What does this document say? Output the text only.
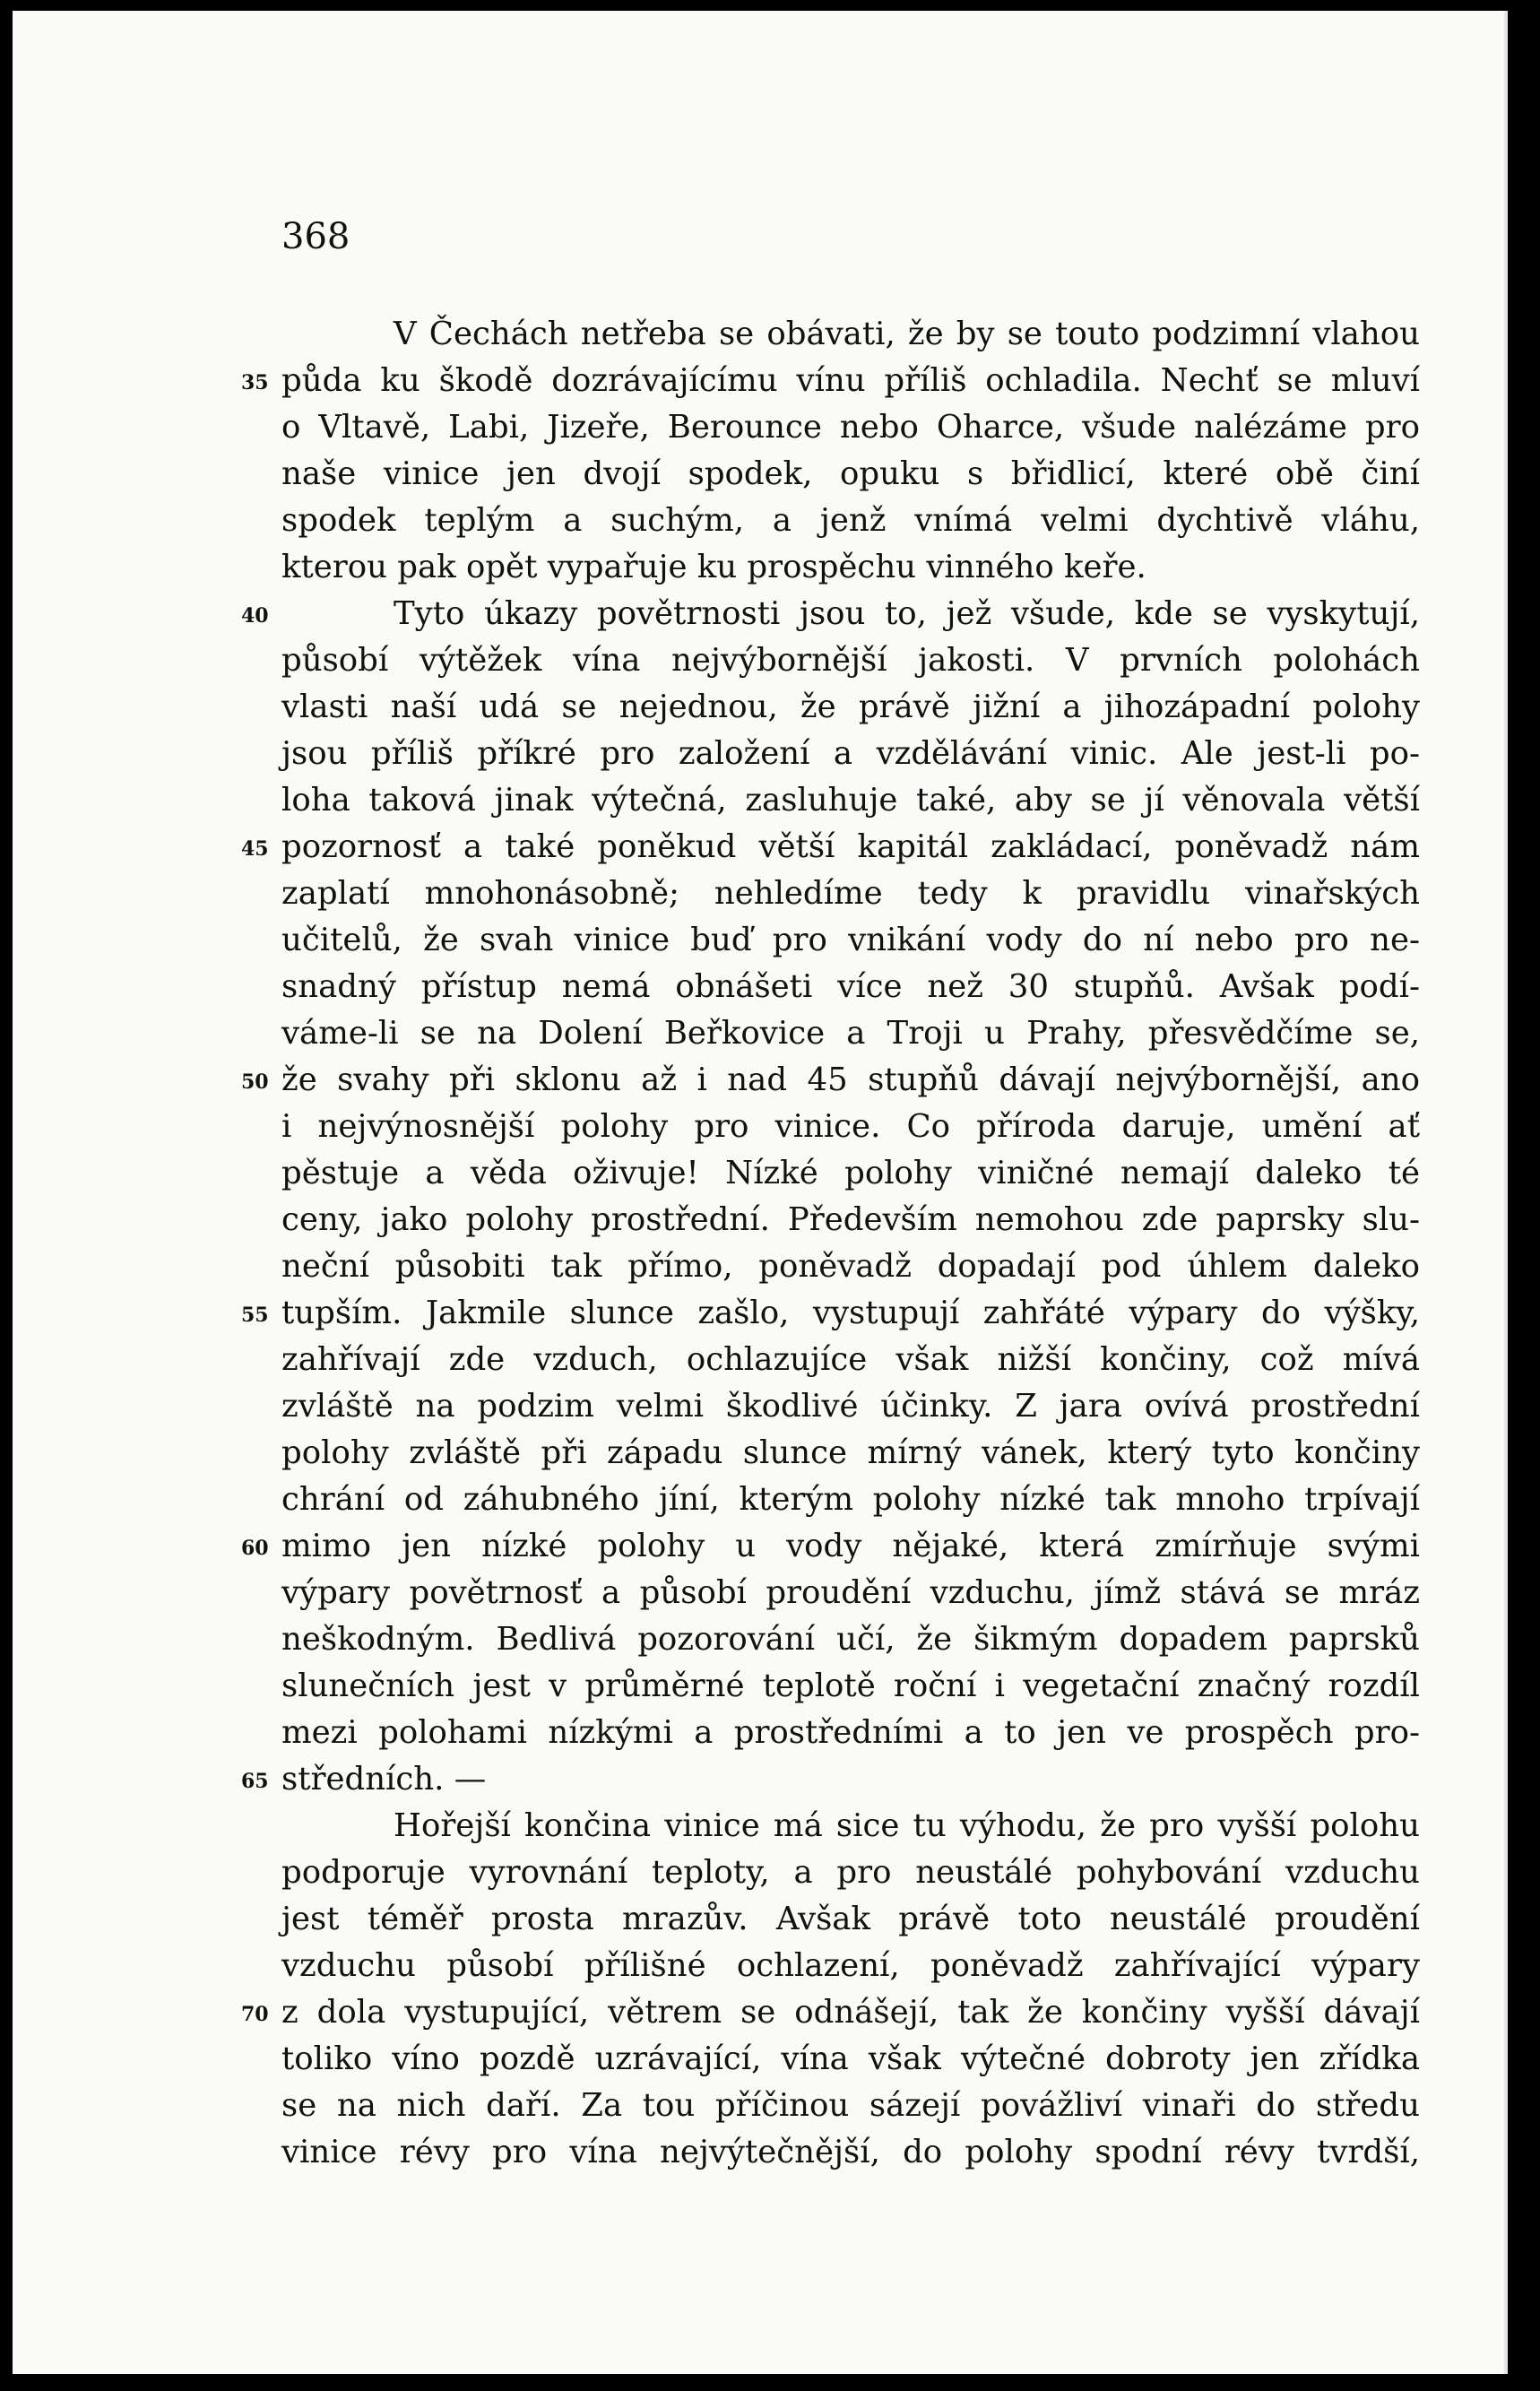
368
V Čechách netřeba se obávati, že by se touto podzimní vlahou
35 půda ku škodě dozrávajícímu vínu příliš ochladila. Nechť se mluví
o Vltavě, Labi, Jizeře, Berounce nebo Oharce, všude nalézáme pro
naše vinice jen dvojí spodek, opuku s břidlicí, které obě činí
spodek teplým a suchým, a jenž vnímá velmi dychtivě vláhu,
kterou pak opět vypařuje ku prospěchu vinného keře.
40	Tyto úkazy povětrnosti jsou to, jež všude, kde se vyskytují,
působí výtěžek vína nejvýbornější jakosti. V prvních polohách
vlasti naší udá se nejednou, že právě jižní a jihozápadní polohy
jsou příliš příkré pro založení a vzdělávání vinic. Ale jest-li po-
loha taková jinak výtečná, zasluhuje také, aby se jí věnovala větší
45 pozornosť a také poněkud větší kapitál zakládací, poněvadž nám
zaplatí mnohonásobně; nehledíme tedy k pravidlu vinařských
učitelů, že svah vinice buď pro vnikání vody do ní nebo pro ne-
snadný přístup nemá obnášeti více než 30 stupňů. Avšak podí-
váme-li se na Dolení Beřkovice a Troji u Prahy, přesvědčíme se,
50 že svahy při sklonu až i nad 45 stupňů dávají nejvýbornější, ano
i nejvýnosnější polohy pro vinice. Co příroda daruje, umění ať
pěstuje a věda oživuje! Nízké polohy viničné nemají daleko té
ceny, jako polohy prostřední. Především nemohou zde paprsky slu-
neční působiti tak přímo, poněvadž dopadají pod úhlem daleko
55 tupším. Jakmile slunce zašlo, vystupují zahřáté výpary do výšky,
zahřívají zde vzduch, ochlazujíce však nižší končiny, což mívá
zvláště na podzim velmi škodlivé účinky. Z jara ovívá prostřední
polohy zvláště při západu slunce mírný vánek, který tyto končiny
chrání od záhubného jíní, kterým polohy nízké tak mnoho trpívají
60 mimo jen nízké polohy u vody nějaké, která zmírňuje svými
výpary povětrnosť a působí proudění vzduchu, jímž stává se mráz
neškodným. Bedlivá pozorování učí, že šikmým dopadem paprsků
slunečních jest v průměrné teplotě roční i vegetační značný rozdíl
mezi polohami nízkými a prostředními a to jen ve prospěch pro-
65 středních. —
Hořejší končina vinice má sice tu výhodu, že pro vyšší polohu
podporuje vyrovnání teploty, a pro neustálé pohybování vzduchu
jest téměř prosta mrazův. Avšak právě toto neustálé proudění
vzduchu působí přílišné ochlazení, poněvadž zahřívající výpary
70 z dola vystupující, větrem se odnášejí, tak že končiny vyšší dávají
toliko víno pozdě uzrávající, vína však výtečné dobroty jen zřídka
se na nich daří. Za tou příčinou sázejí povážliví vinaři do středu
vinice révy pro vína nejvýtečnější, do polohy spodní révy tvrdší,
